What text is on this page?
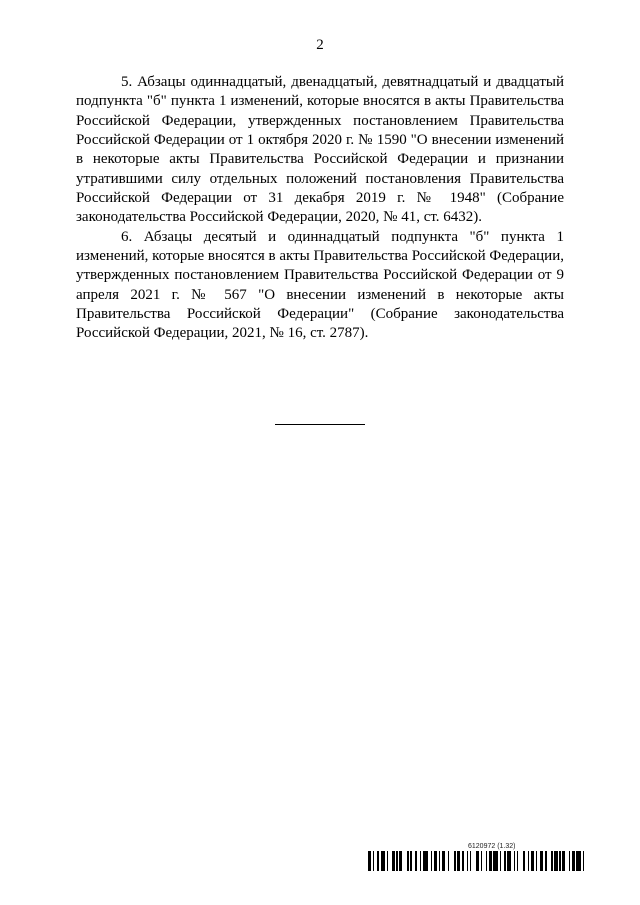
2

5. Абзацы одиннадцатый, двенадцатый, девятнадцатый и двадцатый подпункта "б" пункта 1 изменений, которые вносятся в акты Правительства Российской Федерации, утвержденных постановлением Правительства Российской Федерации от 1 октября 2020 г. № 1590 "О внесении изменений в некоторые акты Правительства Российской Федерации и признании утратившими силу отдельных положений постановления Правительства Российской Федерации от 31 декабря 2019 г. № 1948" (Собрание законодательства Российской Федерации, 2020, № 41, ст. 6432).

6. Абзацы десятый и одиннадцатый подпункта "б" пункта 1 изменений, которые вносятся в акты Правительства Российской Федерации, утвержденных постановлением Правительства Российской Федерации от 9 апреля 2021 г. № 567 "О внесении изменений в некоторые акты Правительства Российской Федерации" (Собрание законодательства Российской Федерации, 2021, № 16, ст. 2787).

6120972 (1.32)
